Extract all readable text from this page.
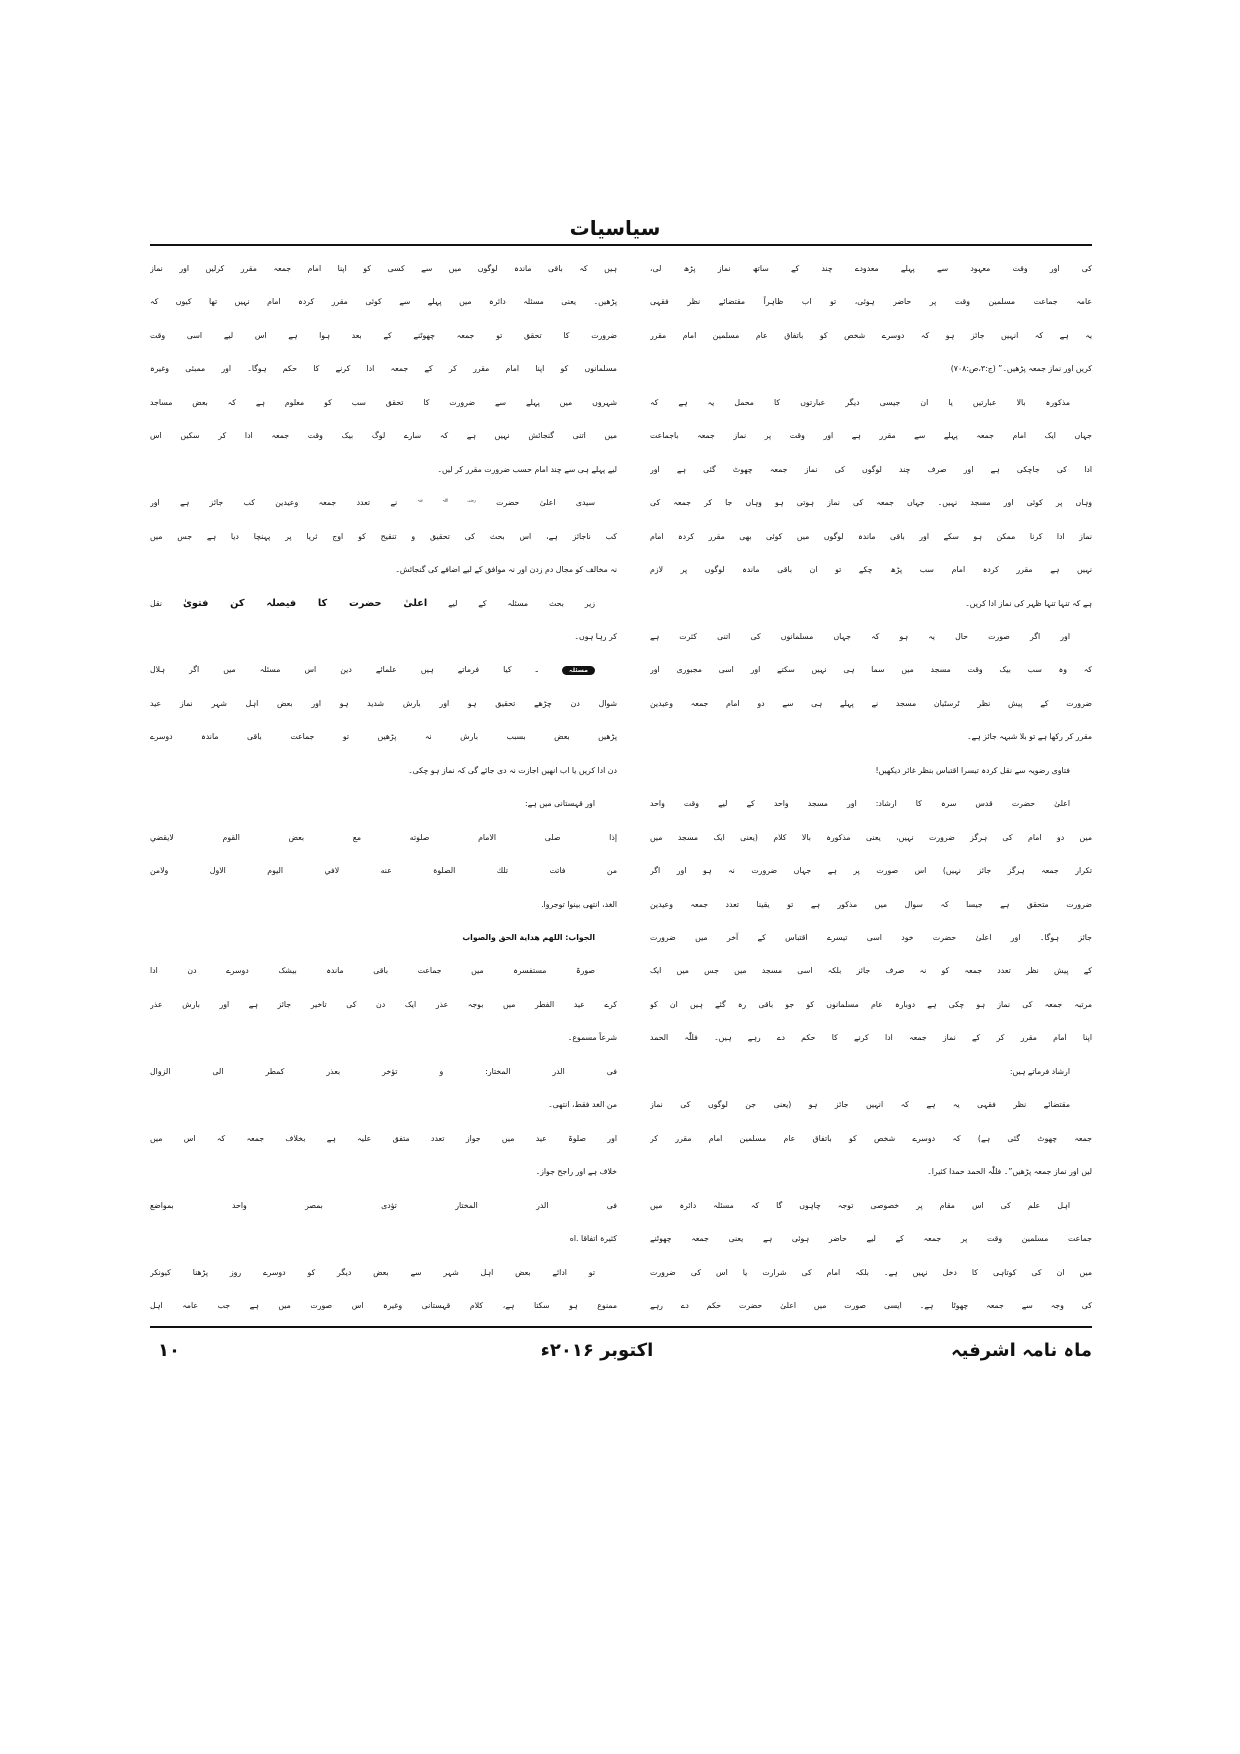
سیاسیات
کی اور وقت معہود سے پہلے معدودے چند کے ساتھ نماز پڑھ لی،
عامہ جماعت مسلمین وقت پر حاضر ہوئی، تو اب ظاہراً مقتضائے نظر فقہی
یہ ہے کہ انہیں جائز ہو کہ دوسرے شخص کو باتفاق عام مسلمین امام مقرر
کریں اور نماز جمعہ پڑھیں۔” (ج:۳،ص:۷۰۸)
مذکورہ بالا عبارتیں یا ان جیسی دیگر عبارتوں کا محمل یہ ہے کہ
جہاں ایک امام جمعہ پہلے سے مقرر ہے اور وقت پر نماز جمعہ باجماعت
ادا کی جاچکی ہے اور صرف چند لوگوں کی نماز جمعہ چھوٹ گئی ہے اور
وہاں پر کوئی اور مسجد نہیں۔ جہاں جمعہ کی نماز ہوتی ہو وہاں جا کر جمعہ کی
نماز ادا کرنا ممکن ہو سکے اور باقی ماندہ لوگوں میں کوئی بھی مقرر کردہ امام
نہیں ہے مقرر کردہ امام سب پڑھ چکے تو ان باقی ماندہ لوگوں پر لازم
ہے کہ تنہا تنہا ظہر کی نماز ادا کریں۔
اور اگر صورت حال یہ ہو کہ جہاں مسلمانوں کی اتنی کثرت ہے
کہ وہ سب بیک وقت مسجد میں سما ہی نہیں سکتے اور اسی مجبوری اور
ضرورت کے پیش نظر ٹرسٹیان مسجد نے پہلے ہی سے دو امام جمعہ وعیدین
مقرر کر رکھا ہے تو بلا شبہہ جائز ہے۔
فتاوی رضویہ سے نقل کردہ تیسرا اقتباس بنظر غائر دیکھیں!
اعلیٰ حضرت قدس سرہ کا ارشاد: اور مسجد واحد کے لیے وقت واحد
میں دو امام کی ہرگز ضرورت نہیں، یعنی مذکورہ بالا کلام (یعنی ایک مسجد میں
تکرار جمعہ ہرگز جائز نہیں) اس صورت پر ہے جہاں ضرورت نہ ہو اور اگر
ضرورت متحقق ہے جیسا کہ سوال میں مذکور ہے تو یقینا تعدد جمعہ وعیدین
جائز ہوگا۔ اور اعلیٰ حضرت خود اسی تیسرے اقتباس کے آخر میں ضرورت
کے پیش نظر تعدد جمعہ کو نہ صرف جائز بلکہ اسی مسجد میں جس میں ایک
مرتبہ جمعہ کی نماز ہو چکی ہے دوبارہ عام مسلمانوں کو جو باقی رہ گئے ہیں ان کو
اپنا امام مقرر کر کے نماز جمعہ ادا کرنے کا حکم دے رہے ہیں۔ فللّٰہ الحمد
ارشاد فرماتے ہیں:
مقتضائے نظر فقہی یہ ہے کہ انہیں جائز ہو (یعنی جن لوگوں کی نماز
جمعہ چھوٹ گئی ہے) کہ دوسرے شخص کو باتفاق عام مسلمین امام مقرر کر
لیں اور نماز جمعہ پڑھیں”۔ فللّٰہ الحمد حمدا کثیرا۔
اہل علم کی اس مقام پر خصوصی توجہ چاہوں گا کہ مسئلہ دائرہ میں
جماعت مسلمین وقت پر جمعہ کے لیے حاضر ہوئی ہے یعنی جمعہ چھوٹنے
میں ان کی کوتاہی کا دخل نہیں ہے۔ بلکہ امام کی شرارت یا اس کی ضرورت
کی وجہ سے جمعہ چھوٹا ہے۔ ایسی صورت میں اعلیٰ حضرت حکم دے رہے
ہیں کہ باقی ماندہ لوگوں میں سے کسی کو اپنا امام جمعہ مقرر کرلیں اور نماز
پڑھیں۔ یعنی مسئلہ دائرہ میں پہلے سے کوئی مقرر کردہ امام نہیں تھا کیوں کہ
ضرورت کا تحقق تو جمعہ چھوٹنے کے بعد ہوا ہے اس لیے اسی وقت
مسلمانوں کو اپنا امام مقرر کر کے جمعہ ادا کرنے کا حکم ہوگا۔ اور ممبئی وغیرہ
شہروں میں پہلے سے ضرورت کا تحقق سب کو معلوم ہے کہ بعض مساجد
میں اتنی گنجائش نہیں ہے کہ سارے لوگ بیک وقت جمعہ ادا کر سکیں اس
لیے پہلے ہی سے چند امام حسب ضرورت مقرر کر لیں۔
سیدی اعلیٰ حضرت $^{رضی اللہ عنہ}$ نے تعدد جمعہ وعیدین کب جائز ہے اور
کب ناجائز ہے، اس بحث کی تحقیق و تنقیح کو اوج ثریا پر پہنچا دیا ہے جس میں
نہ مخالف کو مجال دم زدن اور نہ موافق کے لیے اضافے کی گنجائش۔
زیر بحث مسئلہ کے لیے اعلیٰ حضرت کا فیصلہ کن فتویٰ نقل
کر رہا ہوں۔
مسئلہ ـ کیا فرماتے ہیں علمائے دین اس مسئلہ میں اگر ہلال
شوال دن چڑھے تحقیق ہو اور بارش شدید ہو اور بعض اہل شہر نماز عید
پڑھیں بعض بسبب بارش نہ پڑھیں تو جماعت باقی ماندہ دوسرے
دن ادا کریں یا اب انھیں اجازت نہ دی جائے گی کہ نماز ہو چکی۔
اور قہستانی میں ہے:
إذا صلى الامام صلوته مع بعض القوم لايقضي
من فاتت تلك الصلوة عنه لافي اليوم الاول ولامن
الغد، انتهى بينوا توجروا.
الجواب: اللهم هداية الحق والصواب
صورۃ مستفسرہ میں جماعت باقی ماندہ بیشک دوسرے دن ادا
کرے عید الفطر میں بوجہ عذر ایک دن کی تاخیر جائز ہے اور بارش عذر
شرعاً مسموع۔
فی الدر المختار: و تؤخر بعذر كمطر الى الزوال
من الغد فقط، انتهى۔
اور صلوۃ عید میں جواز تعدد متفق علیہ ہے بخلاف جمعہ کہ اس میں
خلاف ہے اور راجح جواز۔
فی الدر المختار تؤدی بمصر واحد بمواضع
كثيرة اتفاقا .اه
تو ادائے بعض اہل شہر سے بعض دیگر کو دوسرے روز پڑھنا کیونکر
ممنوع ہو سکتا ہے، کلام قہستانی وغیرہ اس صورت میں ہے جب عامہ اہل
ماہ نامہ اشرفیہ
اکتوبر ۲۰۱۶ء
۱۰
